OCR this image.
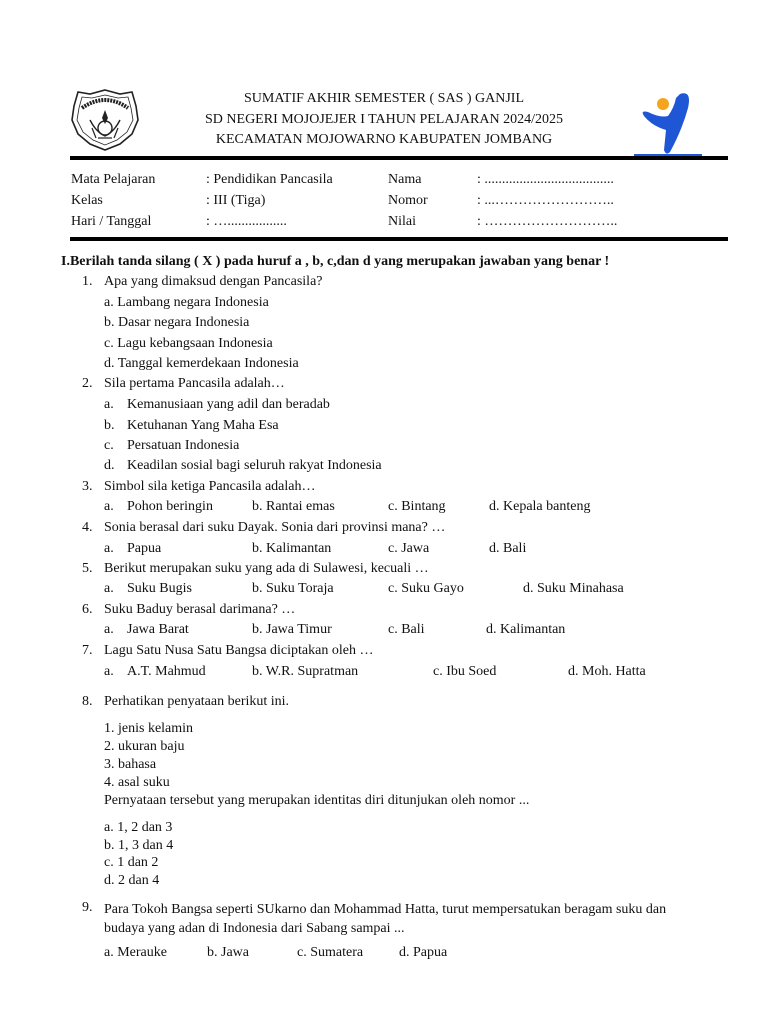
SUMATIF AKHIR SEMESTER ( SAS ) GANJIL
SD NEGERI MOJOJEJER I TAHUN PELAJARAN 2024/2025
KECAMATAN MOJOWARNO KABUPATEN JOMBANG
Mata Pelajaran	: Pendidikan Pancasila	Nama	: .....................................
Kelas	: III (Tiga)	Nomor	: ...……………………..
Hari / Tanggal	: ….................	Nilai	: ………………………..
I.Berilah tanda silang ( X ) pada huruf a , b, c,dan d yang merupakan jawaban yang benar !
1. Apa yang dimaksud dengan Pancasila?
a. Lambang negara Indonesia
b. Dasar negara Indonesia
c. Lagu kebangsaan Indonesia
d. Tanggal kemerdekaan Indonesia
2. Sila pertama Pancasila adalah…
a. Kemanusiaan yang adil dan beradab
b. Ketuhanan Yang Maha Esa
c. Persatuan Indonesia
d. Keadilan sosial bagi seluruh rakyat Indonesia
3. Simbol sila ketiga Pancasila adalah…
a. Pohon beringin	b. Rantai emas	c. Bintang	d. Kepala banteng
4. Sonia berasal dari suku Dayak. Sonia dari provinsi mana? …
a. Papua	b. Kalimantan	c. Jawa	d. Bali
5. Berikut merupakan suku yang ada di Sulawesi, kecuali …
a. Suku Bugis	b. Suku Toraja	c. Suku Gayo	d. Suku Minahasa
6. Suku Baduy berasal darimana? …
a. Jawa Barat	b. Jawa Timur	c. Bali	d. Kalimantan
7. Lagu Satu Nusa Satu Bangsa diciptakan oleh …
a. A.T. Mahmud	b. W.R. Supratman	c. Ibu Soed	d. Moh. Hatta
8. Perhatikan penyataan berikut ini.
1. jenis kelamin
2. ukuran baju
3. bahasa
4. asal suku
Pernyataan tersebut yang merupakan identitas diri ditunjukan oleh nomor ...
a. 1, 2 dan 3
b. 1, 3 dan 4
c. 1 dan 2
d. 2 dan 4
9. Para Tokoh Bangsa seperti SUkarno dan Mohammad Hatta, turut mempersatukan beragam suku dan budaya yang adan di Indonesia dari Sabang sampai ...
a. Merauke	b. Jawa	c. Sumatera	d. Papua
